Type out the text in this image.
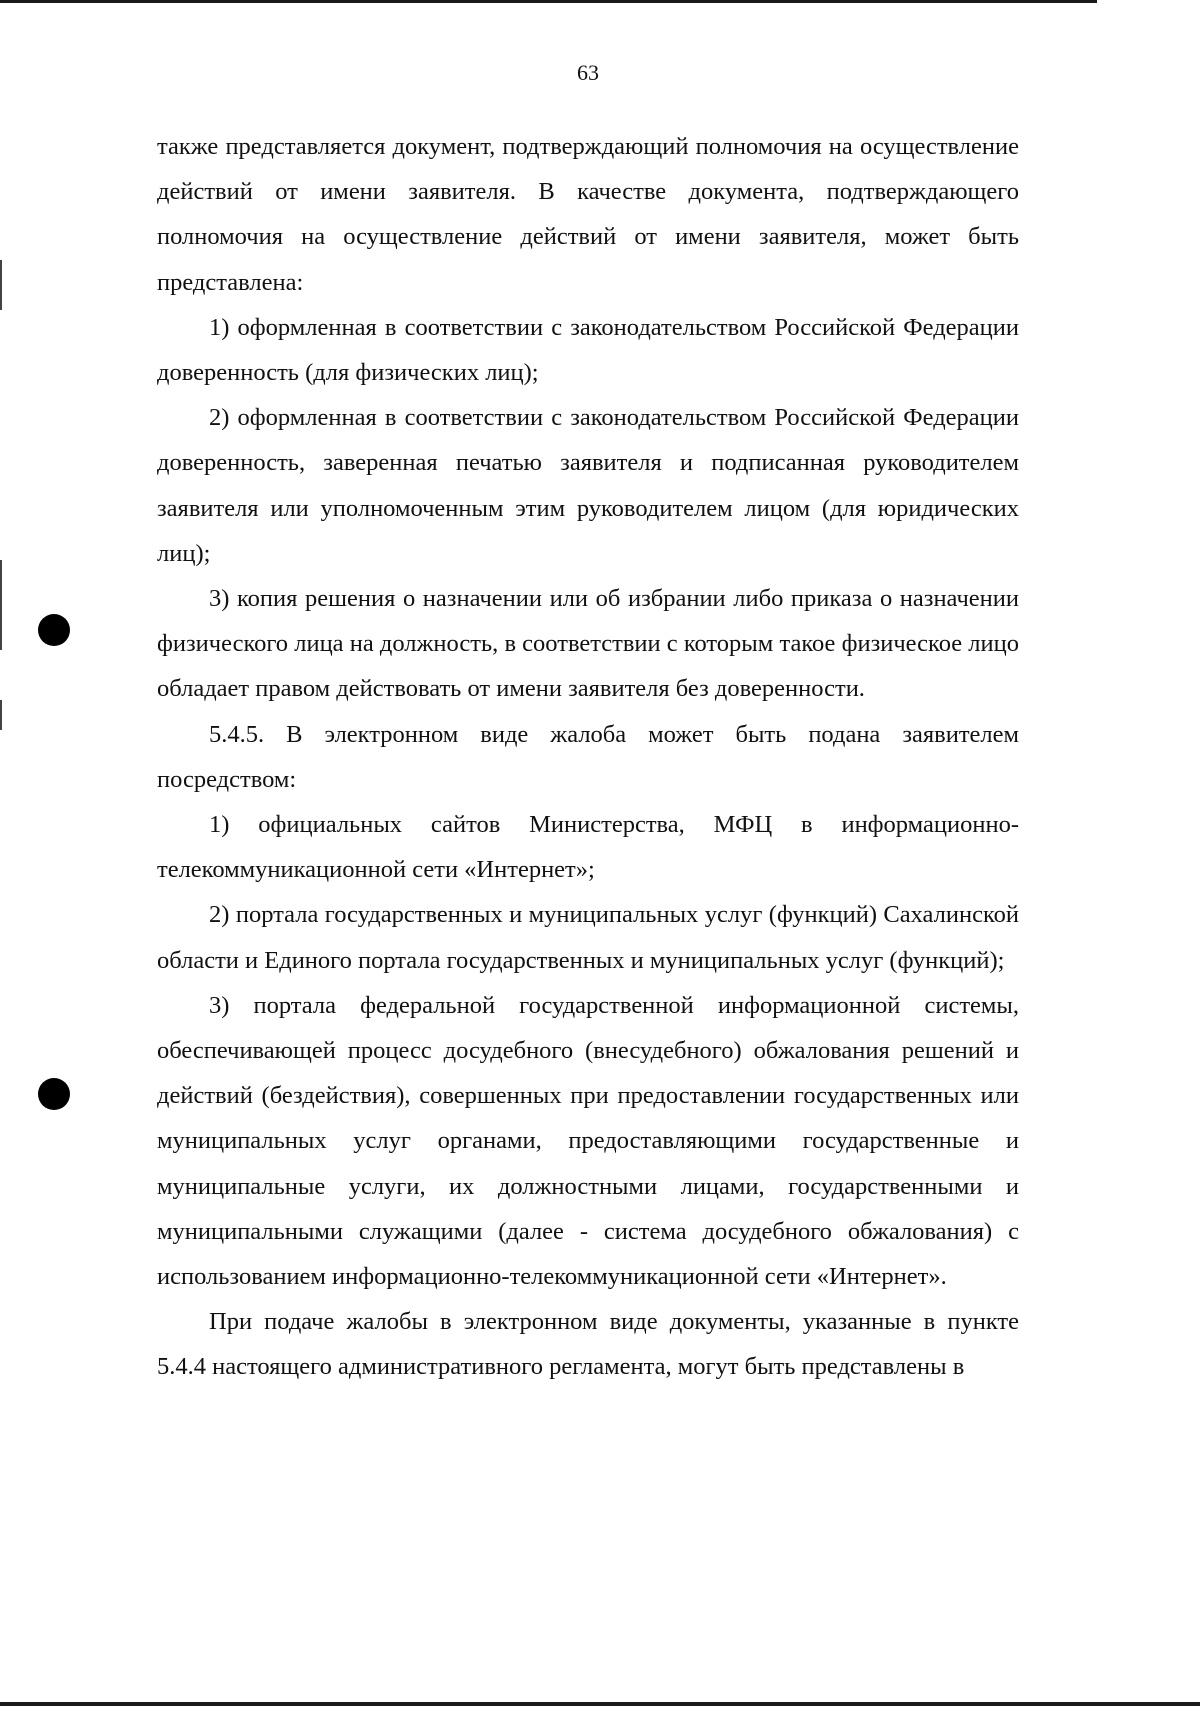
63

также представляется документ, подтверждающий полномочия на осуществление действий от имени заявителя. В качестве документа, подтверждающего полномочия на осуществление действий от имени заявителя, может быть представлена:

1) оформленная в соответствии с законодательством Российской Федерации доверенность (для физических лиц);

2) оформленная в соответствии с законодательством Российской Федерации доверенность, заверенная печатью заявителя и подписанная руководителем заявителя или уполномоченным этим руководителем лицом (для юридических лиц);

3) копия решения о назначении или об избрании либо приказа о назначении физического лица на должность, в соответствии с которым такое физическое лицо обладает правом действовать от имени заявителя без доверенности.

5.4.5. В электронном виде жалоба может быть подана заявителем посредством:

1) официальных сайтов Министерства, МФЦ в информационно-телекоммуникационной сети «Интернет»;

2) портала государственных и муниципальных услуг (функций) Сахалинской области и Единого портала государственных и муниципальных услуг (функций);

3) портала федеральной государственной информационной системы, обеспечивающей процесс досудебного (внесудебного) обжалования решений и действий (бездействия), совершенных при предоставлении государственных или муниципальных услуг органами, предоставляющими государственные и муниципальные услуги, их должностными лицами, государственными и муниципальными служащими (далее - система досудебного обжалования) с использованием информационно-телекоммуникационной сети «Интернет».

При подаче жалобы в электронном виде документы, указанные в пункте 5.4.4 настоящего административного регламента, могут быть представлены в
